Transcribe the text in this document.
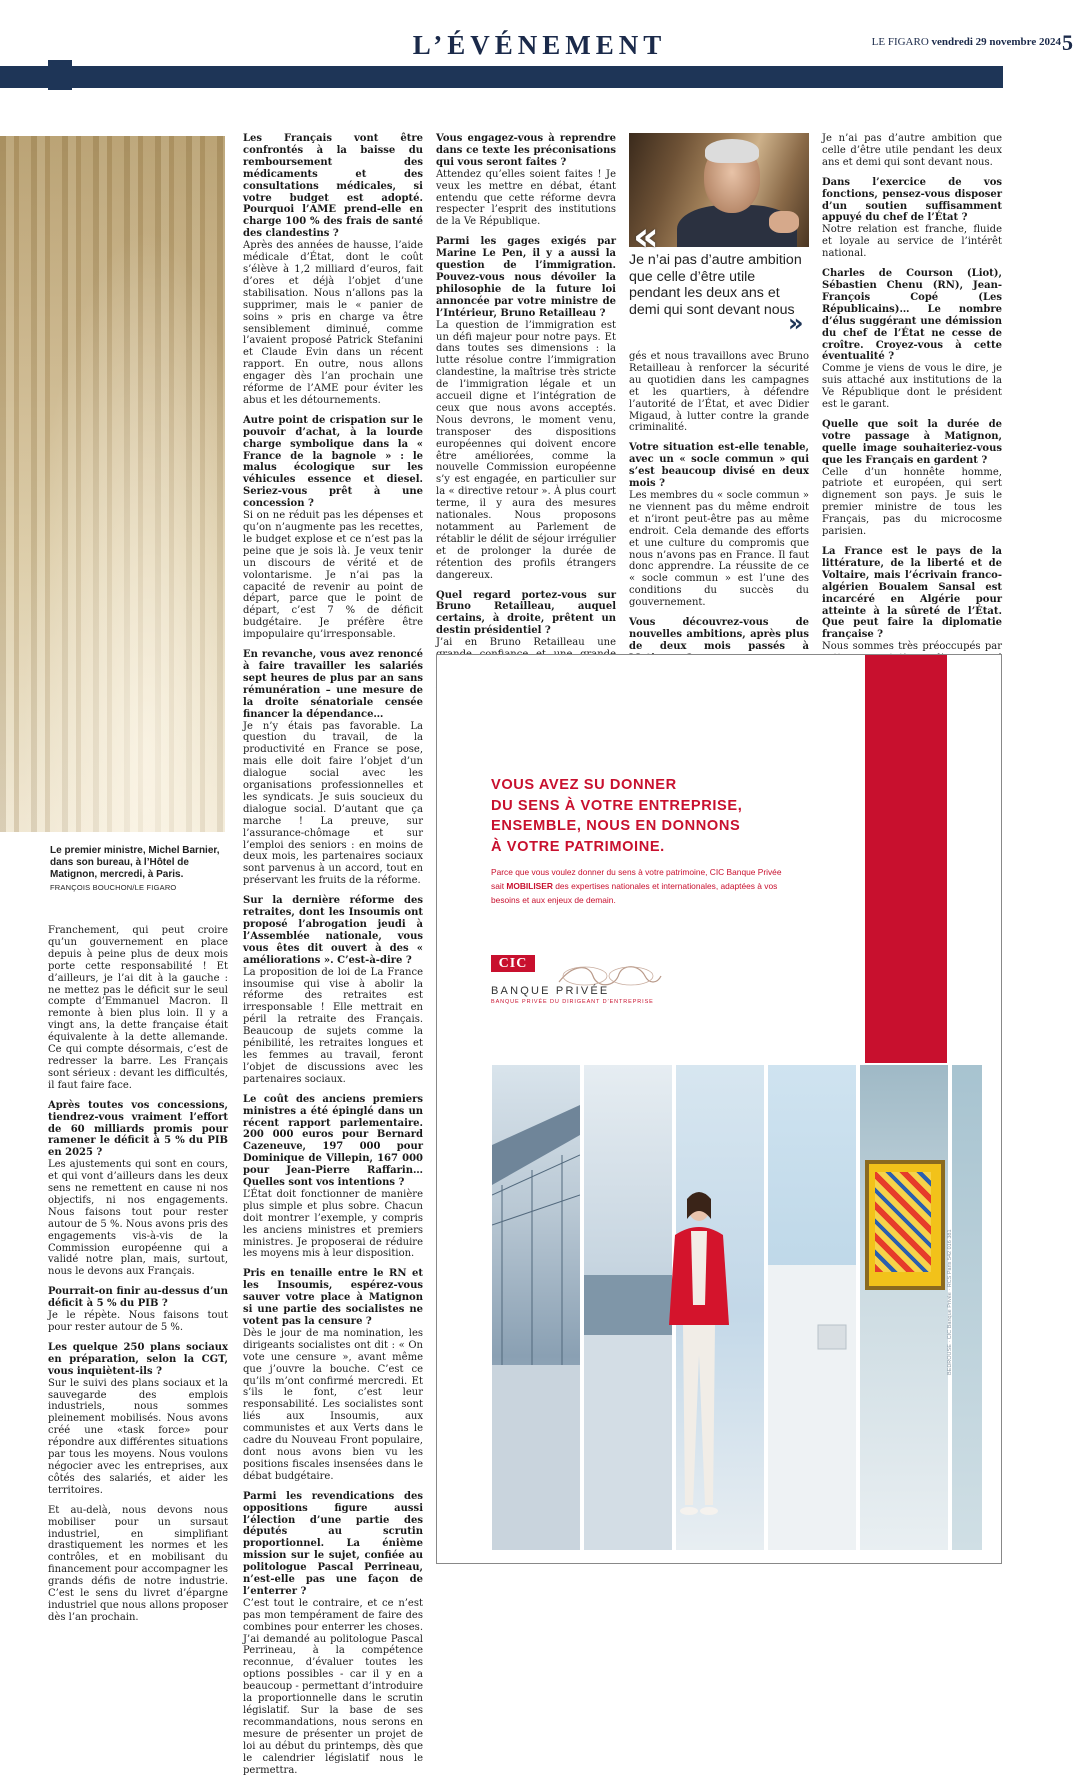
L’ÉVÉNEMENT	LE FIGARO vendredi 29 novembre 2024 5
Le premier ministre, Michel Barnier, dans son bureau, à l’Hôtel de Matignon, mercredi, à Paris.
FRANÇOIS BOUCHON/LE FIGARO

Franchement, qui peut croire qu’un gouvernement en place depuis à peine plus de deux mois porte cette responsabilité ! Et d’ailleurs, je l’ai dit à la gauche : ne mettez pas le déficit sur le seul compte d’Emmanuel Macron. Il remonte à bien plus loin. Il y a vingt ans, la dette française était équivalente à la dette allemande. Ce qui compte désormais, c’est de redresser la barre. Les Français sont sérieux : devant les difficultés, il faut faire face.

Après toutes vos concessions, tiendrez-vous vraiment l’effort de 60 milliards promis pour ramener le déficit à 5 % du PIB en 2025 ?
Les ajustements qui sont en cours, et qui vont d’ailleurs dans les deux sens ne remettent en cause ni nos objectifs, ni nos engagements. Nous faisons tout pour rester autour de 5 %. Nous avons pris des engagements vis-à-vis de la Commission européenne qui a validé notre plan, mais, surtout, nous le devons aux Français.

Pourrait-on finir au-dessus d’un déficit à 5 % du PIB ?
Je le répète. Nous faisons tout pour rester autour de 5 %.

Les quelque 250 plans sociaux en préparation, selon la CGT, vous inquiètent-ils ?
Sur le suivi des plans sociaux et la sauvegarde des emplois industriels, nous sommes pleinement mobilisés. Nous avons créé une «task force» pour répondre aux différentes situations par tous les moyens. Nous voulons négocier avec les entreprises, aux côtés des salariés, et aider les territoires.

Et au-delà, nous devons nous mobiliser pour un sursaut industriel, en simplifiant drastiquement les normes et les contrôles, et en mobilisant du financement pour accompagner les grands défis de notre industrie. C’est le sens du livret d’épargne industriel que nous allons proposer dès l’an prochain.

Les Français vont être confrontés à la baisse du remboursement des médicaments et des consultations médicales, si votre budget est adopté. Pourquoi l’AME prend-elle en charge 100 % des frais de santé des clandestins ?
Après des années de hausse, l’aide médicale d’État, dont le coût s’élève à 1,2 milliard d’euros, fait d’ores et déjà l’objet d’une stabilisation. Nous n’allons pas la supprimer, mais le « panier de soins » pris en charge va être sensiblement diminué, comme l’avaient proposé Patrick Stefanini et Claude Evin dans un récent rapport. En outre, nous allons engager dès l’an prochain une réforme de l’AME pour éviter les abus et les détournements.

Autre point de crispation sur le pouvoir d’achat, à la lourde charge symbolique dans la « France de la bagnole » : le malus écologique sur les véhicules essence et diesel. Seriez-vous prêt à une concession ?
Si on ne réduit pas les dépenses et qu’on n’augmente pas les recettes, le budget explose et ce n’est pas la peine que je sois là. Je veux tenir un discours de vérité et de volontarisme. Je n’ai pas la capacité de revenir au point de départ, parce que le point de départ, c’est 7 % de déficit budgétaire. Je préfère être impopulaire qu’irresponsable.

En revanche, vous avez renoncé à faire travailler les salariés sept heures de plus par an sans rémunération – une mesure de la droite sénatoriale censée financer la dépendance…
Je n’y étais pas favorable. La question du travail, de la productivité en France se pose, mais elle doit faire l’objet d’un dialogue social avec les organisations professionnelles et les syndicats. Je suis soucieux du dialogue social. D’autant que ça marche ! La preuve, sur l’assurance-chômage et sur l’emploi des seniors : en moins de deux mois, les partenaires sociaux sont parvenus à un accord, tout en préservant les fruits de la réforme.

Sur la dernière réforme des retraites, dont les Insoumis ont proposé l’abrogation jeudi à l’Assemblée nationale, vous vous êtes dit ouvert à des « améliorations ». C’est-à-dire ?
La proposition de loi de La France insoumise qui vise à abolir la réforme des retraites est irresponsable ! Elle mettrait en péril la retraite des Français. Beaucoup de sujets comme la pénibilité, les retraites longues et les femmes au travail, feront l’objet de discussions avec les partenaires sociaux.

Le coût des anciens premiers ministres a été épinglé dans un récent rapport parlementaire. 200 000 euros pour Bernard Cazeneuve, 197 000 pour Dominique de Villepin, 167 000 pour Jean-Pierre Raffarin… Quelles sont vos intentions ?
L’État doit fonctionner de manière plus simple et plus sobre. Chacun doit montrer l’exemple, y compris les anciens ministres et premiers ministres. Je proposerai de réduire les moyens mis à leur disposition.

Pris en tenaille entre le RN et les Insoumis, espérez-vous sauver votre place à Matignon si une partie des socialistes ne votent pas la censure ?
Dès le jour de ma nomination, les dirigeants socialistes ont dit : « On vote une censure », avant même que j’ouvre la bouche. C’est ce qu’ils m’ont confirmé mercredi. Et s’ils le font, c’est leur responsabilité. Les socialistes sont liés aux Insoumis, aux communistes et aux Verts dans le cadre du Nouveau Front populaire, dont nous avons bien vu les positions fiscales insensées dans le débat budgétaire.

Parmi les revendications des oppositions figure aussi l’élection d’une partie des députés au scrutin proportionnel. La énième mission sur le sujet, confiée au politologue Pascal Perrineau, n’est-elle pas une façon de l’enterrer ?
C’est tout le contraire, et ce n’est pas mon tempérament de faire des combines pour enterrer les choses. J’ai demandé au politologue Pascal Perrineau, à la compétence reconnue, d’évaluer toutes les options possibles - car il y en a beaucoup - permettant d’introduire la proportionnelle dans le scrutin législatif. Sur la base de ses recommandations, nous serons en mesure de présenter un projet de loi au début du printemps, dès que le calendrier législatif nous le permettra.

Vous engagez-vous à reprendre dans ce texte les préconisations qui vous seront faites ?
Attendez qu’elles soient faites ! Je veux les mettre en débat, étant entendu que cette réforme devra respecter l’esprit des institutions de la Ve République.

Parmi les gages exigés par Marine Le Pen, il y a aussi la question de l’immigration. Pouvez-vous nous dévoiler la philosophie de la future loi annoncée par votre ministre de l’Intérieur, Bruno Retailleau ?
La question de l’immigration est un défi majeur pour notre pays. Et dans toutes ses dimensions : la lutte résolue contre l’immigration clandestine, la maîtrise très stricte de l’immigration légale et un accueil digne et l’intégration de ceux que nous avons acceptés. Nous devrons, le moment venu, transposer des dispositions européennes qui doivent encore être améliorées, comme la nouvelle Commission européenne s’y est engagée, en particulier sur la « directive retour ». À plus court terme, il y aura des mesures nationales. Nous proposons notamment au Parlement de rétablir le délit de séjour irrégulier et de prolonger la durée de rétention des profils étrangers dangereux.

Quel regard portez-vous sur Bruno Retailleau, auquel certains, à droite, prêtent un destin présidentiel ?
J’ai en Bruno Retailleau une

gés et nous travaillons avec Bruno Retailleau à renforcer la sécurité au quotidien dans les campagnes et les quartiers, à défendre l’autorité de l’État, et avec Didier Migaud, à lutter contre la grande criminalité.

Votre situation est-elle tenable, avec un « socle commun » qui s’est beaucoup divisé en deux mois ?
Les membres du « socle commun » ne viennent pas du même endroit et n’iront peut-être pas au même endroit. Cela demande des efforts et une culture du compromis que nous n’avons pas en France. Il faut donc apprendre. La réussite de ce « socle commun » est l’une des conditions du succès du gouvernement.

Vous découvrez-vous de nouvelles ambitions, après plus de deux mois passés à

Je n’ai pas d’autre ambition que celle d’être utile pendant les deux ans et demi qui sont devant nous.

Dans l’exercice de vos fonctions, pensez-vous disposer d’un soutien suffisamment appuyé du chef de l’État ?
Notre relation est franche, fluide et loyale au service de l’intérêt national.

Charles de Courson (Liot), Sébastien Chenu (RN), Jean-François Copé (Les Républicains)… Le nombre d’élus suggérant une démission du chef de l’État ne cesse de croître. Croyez-vous à cette éventualité ?
Comme je viens de vous le dire, je suis attaché aux institutions de la Ve République dont le président est le garant.

Quelle que soit la durée de votre passage à Matignon, quelle image souhaiteriez-vous que les Français en gardent ?
Celle d’un honnête homme, patriote et européen, qui sert dignement son pays. Je suis le premier ministre de tous les Français, pas du microcosme parisien.

La France est le pays de la littérature, de la liberté et de Voltaire, mais l’écrivain franco-algérien Boualem Sansal est incarcéré en Algérie pour atteinte à la sûreté de l’État. Que peut faire la diplomatie française ?
Nous sommes très préoccupés par

«
Je n’ai pas d’autre ambition que celle d’être utile pendant les deux ans et demi qui sont devant nous
»
VOUS AVEZ SU DONNER
DU SENS À VOTRE ENTREPRISE,
ENSEMBLE, NOUS EN DONNONS
À VOTRE PATRIMOINE.
Parce que vous voulez donner du sens à votre patrimoine, CIC Banque Privée sait MOBILISER des expertises nationales et internationales, adaptées à vos besoins et aux enjeux de demain.
CIC
BANQUE PRIVÉE
BANQUE PRIVÉE DU DIRIGEANT D’ENTREPRISE
BEDROUSE · CIC Banque Privée · RCS Paris 542 016 381
